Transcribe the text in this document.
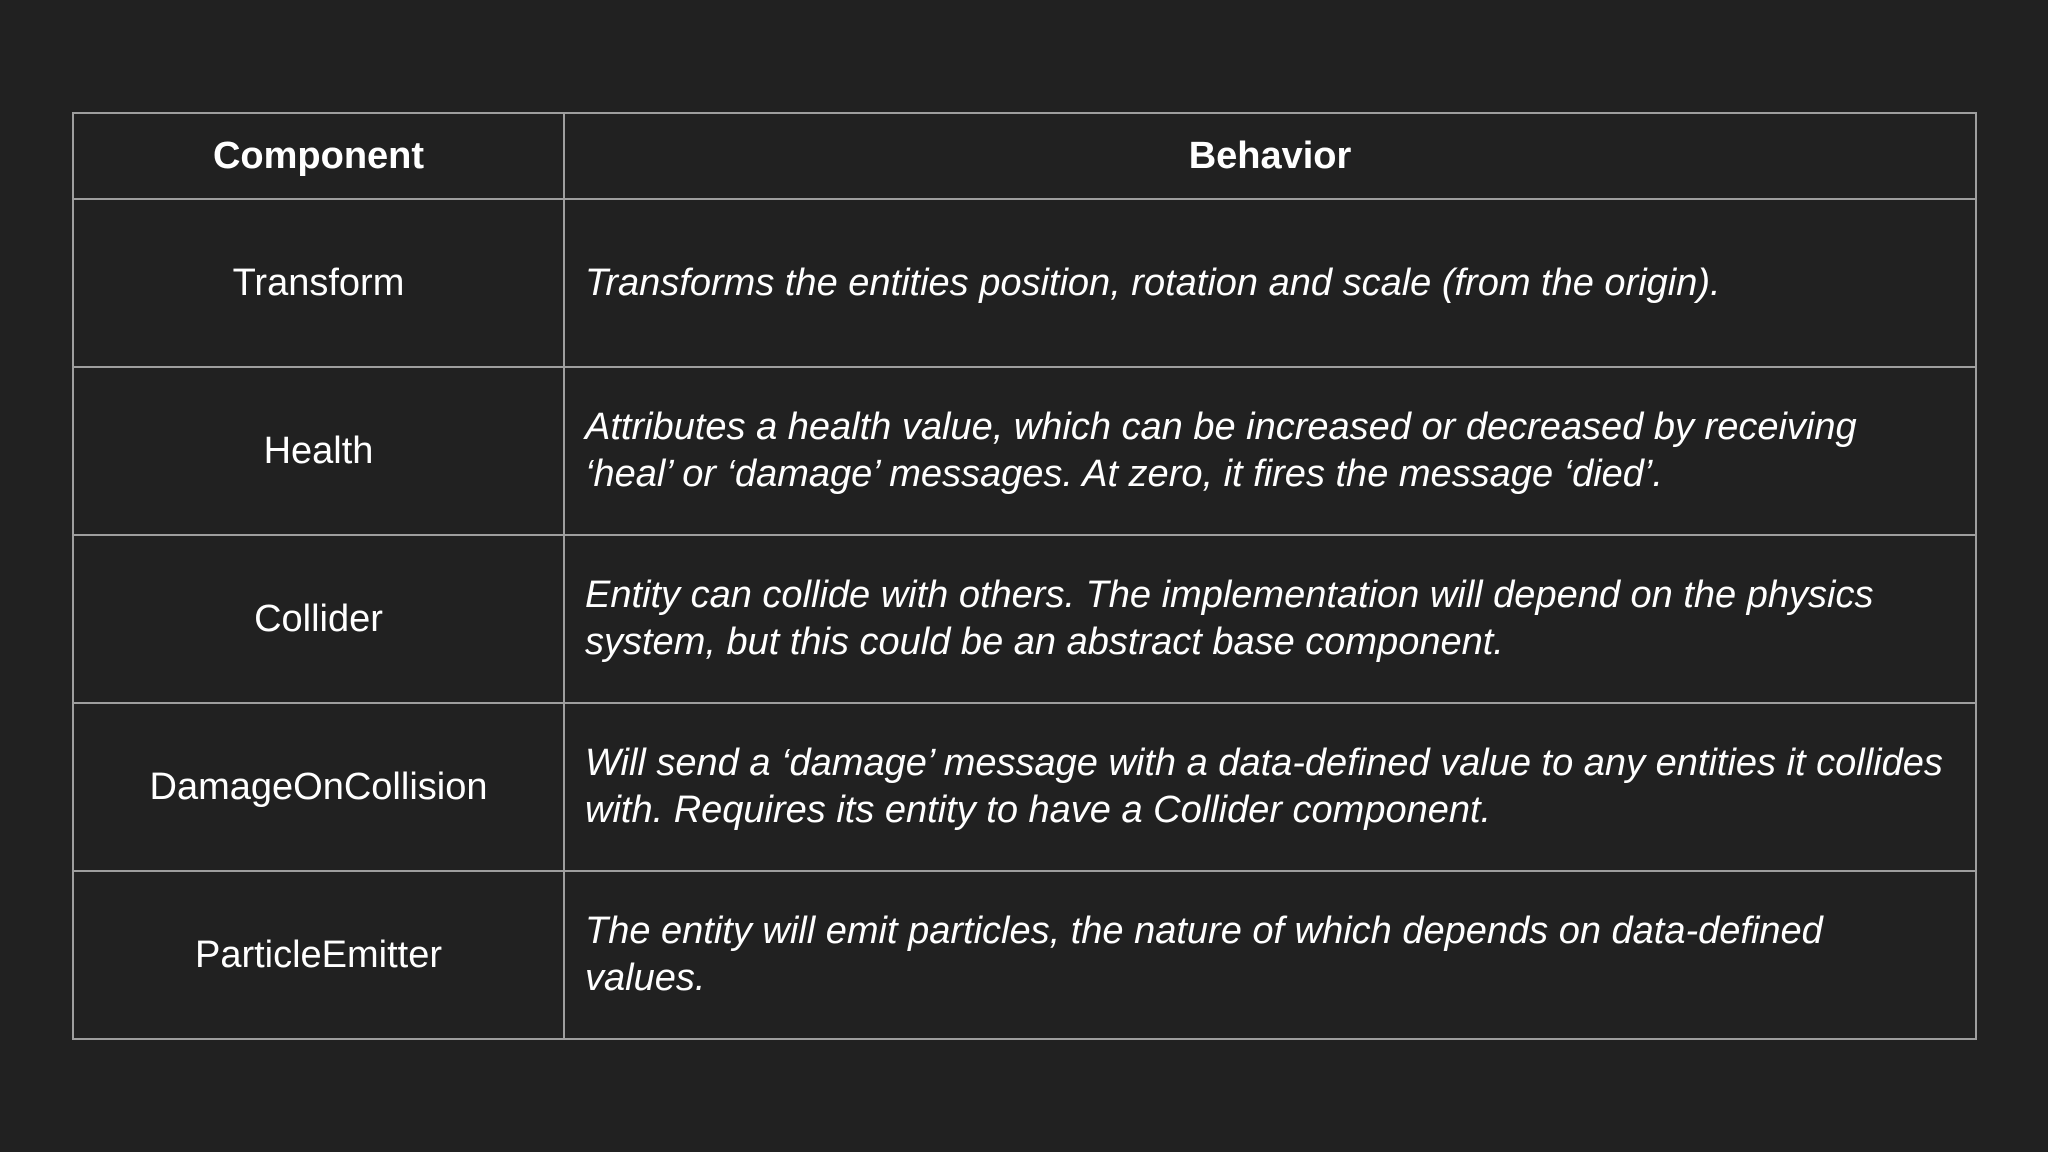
Component	Behavior
Transform	Transforms the entities position, rotation and scale (from the origin).
Health	Attributes a health value, which can be increased or decreased by receiving ‘heal’ or ‘damage’ messages. At zero, it fires the message ‘died’.
Collider	Entity can collide with others. The implementation will depend on the physics system, but this could be an abstract base component.
DamageOnCollision	Will send a ‘damage’ message with a data-defined value to any entities it collides with. Requires its entity to have a Collider component.
ParticleEmitter	The entity will emit particles, the nature of which depends on data-defined values.
